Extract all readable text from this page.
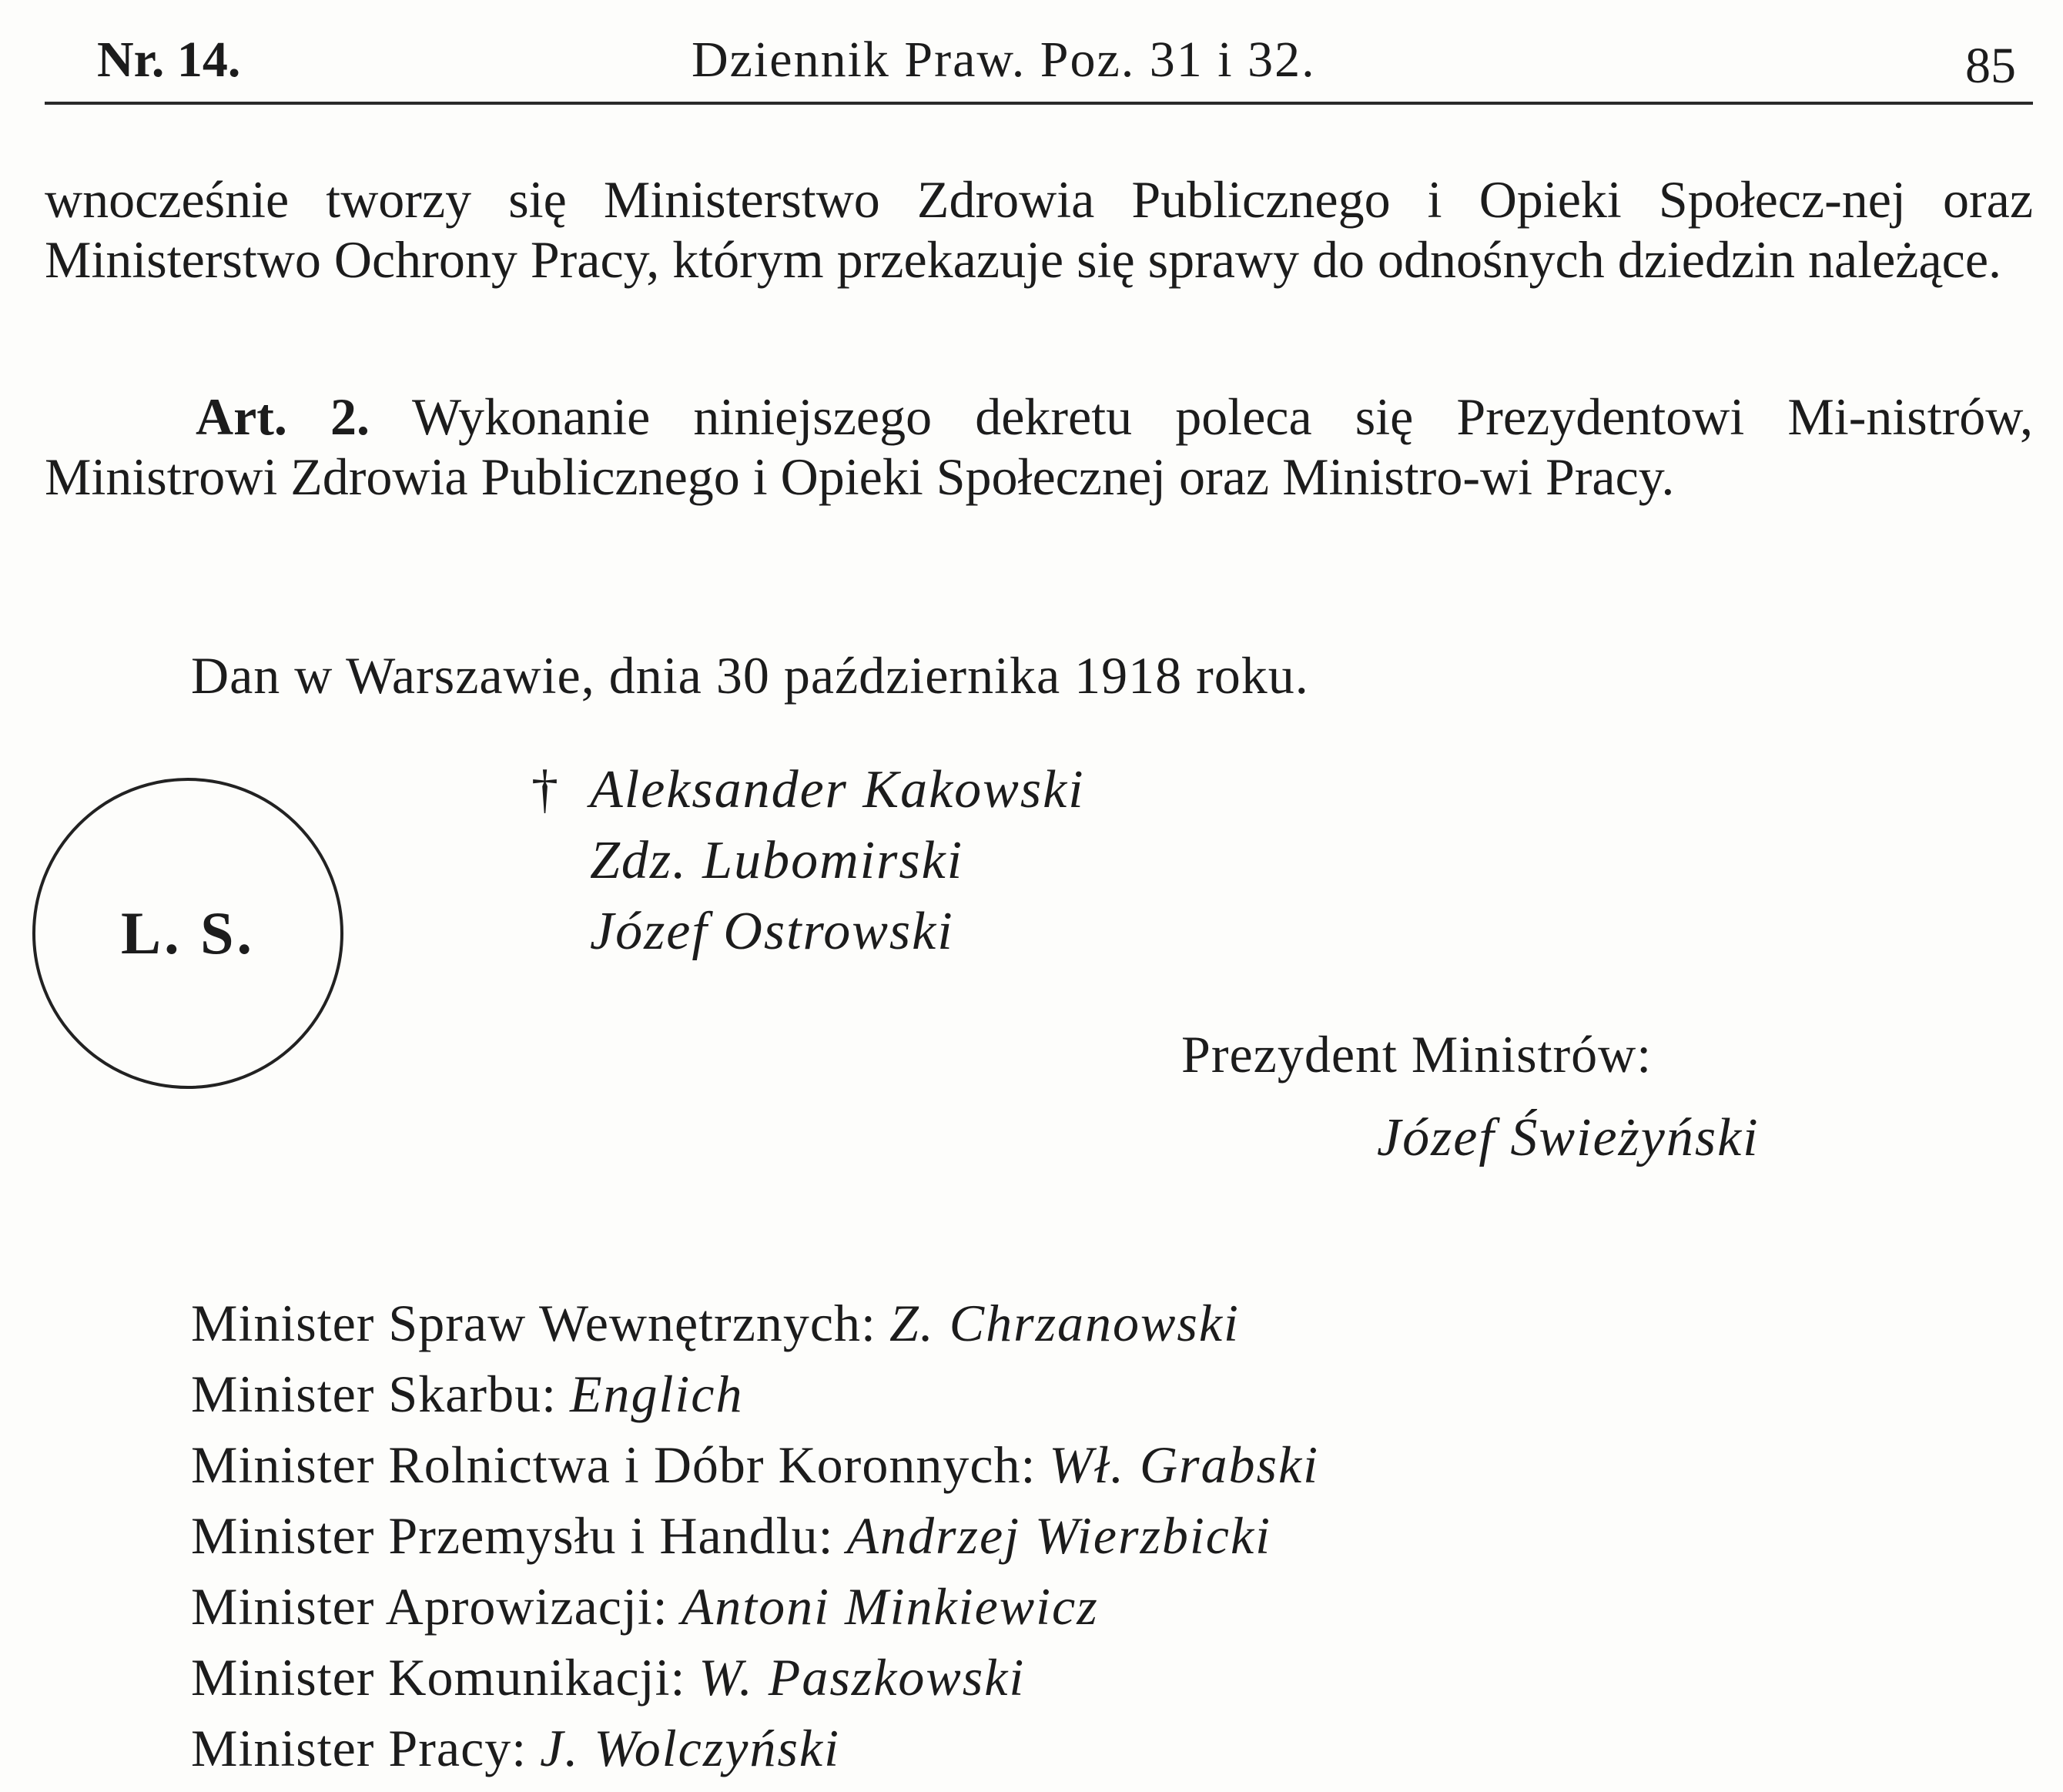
Nr. 14.	Dziennik Praw. Poz. 31 i 32.	85
wnocześnie tworzy się Ministerstwo Zdrowia Publicznego i Opieki Społecz-nej oraz Ministerstwo Ochrony Pracy, którym przekazuje się sprawy do odnośnych dziedzin należące.
Art. 2. Wykonanie niniejszego dekretu poleca się Prezydentowi Mi-nistrów, Ministrowi Zdrowia Publicznego i Opieki Społecznej oraz Ministro-wi Pracy.
Dan w Warszawie, dnia 30 października 1918 roku.
L. S.
† Aleksander Kakowski
Zdz. Lubomirski
Józef Ostrowski
Prezydent Ministrów:
Józef Świeżyński
Minister Spraw Wewnętrznych: Z. Chrzanowski
Minister Skarbu: Englich
Minister Rolnictwa i Dóbr Koronnych: Wł. Grabski
Minister Przemysłu i Handlu: Andrzej Wierzbicki
Minister Aprowizacji: Antoni Minkiewicz
Minister Komunikacji: W. Paszkowski
Minister Pracy: J. Wolczyński
